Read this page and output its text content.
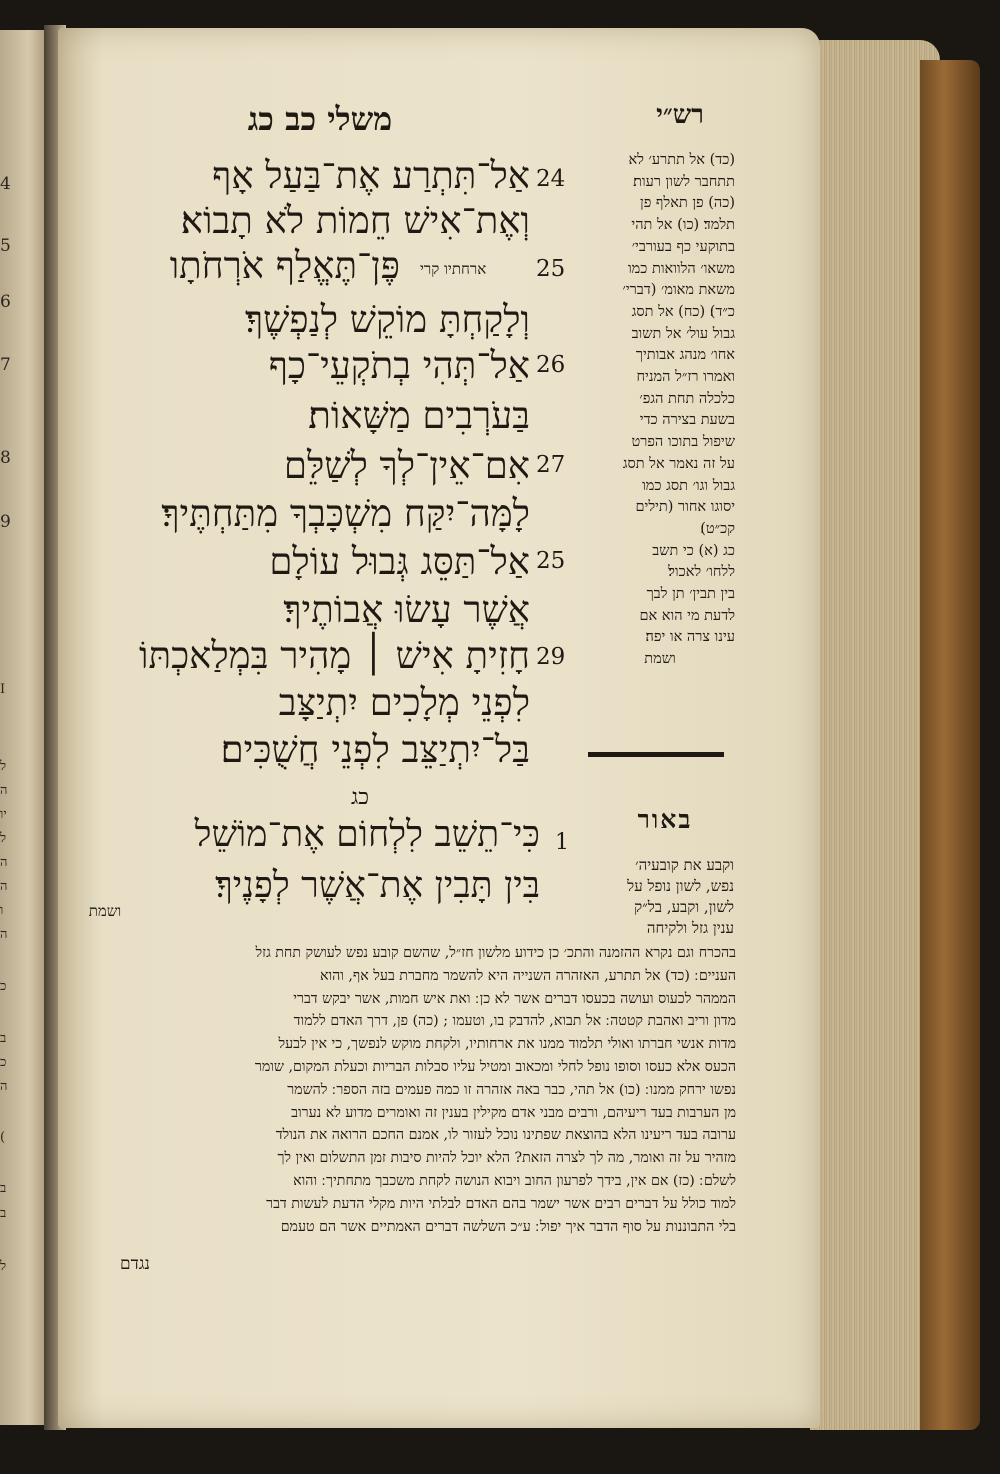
4
5
6
7
8
9
I
ל
ה
יו
ל
ה
ה
ו
ה
כ
ב
כ
ה
(
ב
ב
ל
רש״י
משלי כב כג
24
אַל־תִּתְרַע אֶת־בַּעַל אָף
וְאֶת־אִישׁ חֵמוֹת לֹא תָבוֹא׃
25
פֶּן־תֶּאֱלַף אֹרְחֹתָו
וְלָקַחְתָּ מוֹקֵשׁ לְנַפְשֶׁךָ׃
26
אַל־תְּהִי בְתֹקְעֵי־כָף
בַּעֹרְבִים מַשָּׁאוֹת׃
27
אִם־אֵין־לְךָ לְשַׁלֵּם
לָמָּה־יִקַּח מִשְׁכָּבְךָ מִתַּחְתֶּיךָ׃
25
אַל־תַּסֵּג גְּבוּל עוֹלָם
אֲשֶׁר עָשׂוּ אֲבוֹתֶיךָ׃
29
חָזִיתָ אִישׁ ׀ מָהִיר בִּמְלַאכְתּוֹ
לִפְנֵי מְלָכִים יִתְיַצָּב
בַּל־יִתְיַצֵּב לִפְנֵי חֲשֻׁכִּים׃
ארחתיו קרי
(כד) אל תתרע׳ לא
תתחבר לשון רעות׃
(כה) פן תאלף פן
תלמד׃ (כו) אל תהי
בתוקעי כף בעורבי׳
משאו׳ הלוואות כמו
משאת מאומ׳ (דברי׳
כ״ד)׃ (כח) אל תסג
גבול עול׳ אל תשוב
אחו׳ מנהג אבותיך
ואמרו רז״ל המניח
כלכלה תחת הגפ׳
בשעת בצירה כדי
שיפול בתוכו הפרט
על זה נאמר אל תסג
גבול וגו׳ תסג כמו
יסוגו אחור (תילים
קכ״ט)׃
כג (א) כי תשב
ללחו׳ לאכול׃
בין תבין׳ תן לבך
לדעת מי הוא אם
עינו צרה או יפה׃
ושמת
כג
באור
וקבע את קובעיה׳
נפש, לשון נופל על
לשון, וקבע, בל״ק
ענין גזל ולקיחה
1
כִּי־תֵשֵׁב לִלְחוֹם אֶת־מוֹשֵׁל
בִּין תָּבִין אֶת־אֲשֶׁר לְפָנֶיךָ׃
ושמת
בהכרח וגם נקרא ההזמנה והתכ׳ כן כידוע מלשון חז״ל, שהשם קובע נפש לעושק תחת גזל
העניים ׃ (כד) אל תתרע, האזהרה השנייה היא להשמר מחברת בעל אף, והוא
הממהר לכעוס ועושה בכעסו דברים אשר לא כן ׃ ואת איש חמות, אשר יבקש דברי
מדון וריב ואהבת קטטה ׃ אל תבוא, להדבק בו, וטעמו ; (כה) פן, דרך האדם ללמוד
מדות אנשי חברתו ואולי תלמוד ממנו את ארחותיו, ולקחת מוקש לנפשך, כי אין לבעל
הכעס אלא כעסו וסופו נופל לחלי ומכאוב ומטיל עליו סבלות הבריות וכעלת המקום, שומר
נפשו ירחק ממנו ׃ (כו) אל תהי, כבר באה אזהרה זו כמה פעמים בזה הספר ׃ להשמר
מן הערבות בעד ריעיהם, ורבים מבני אדם מקילין בענין זה ואומרים מדוע לא נערוב
ערובה בעד ריעינו הלא בהוצאת שפתינו נוכל לעזור לו, אמנם החכם הרואה את הנולד
מזהיר על זה ואומר, מה לך לצרה הזאת? הלא יוכל להיות סיבות זמן התשלום ואין לך
לשלם ׃ (כז) אם אין, בידך לפרעון החוב ויבוא הנושה לקחת משכבך מתחתיך ׃ והוא
למוד כולל על דברים רבים אשר ישמר בהם האדם לבלתי היות מקלי הדעת לעשות דבר
בלי התבוננות על סוף הדבר איך יפול ׃ ע״כ השלשה דברים האמתיים אשר הם טעמם
נגדם
